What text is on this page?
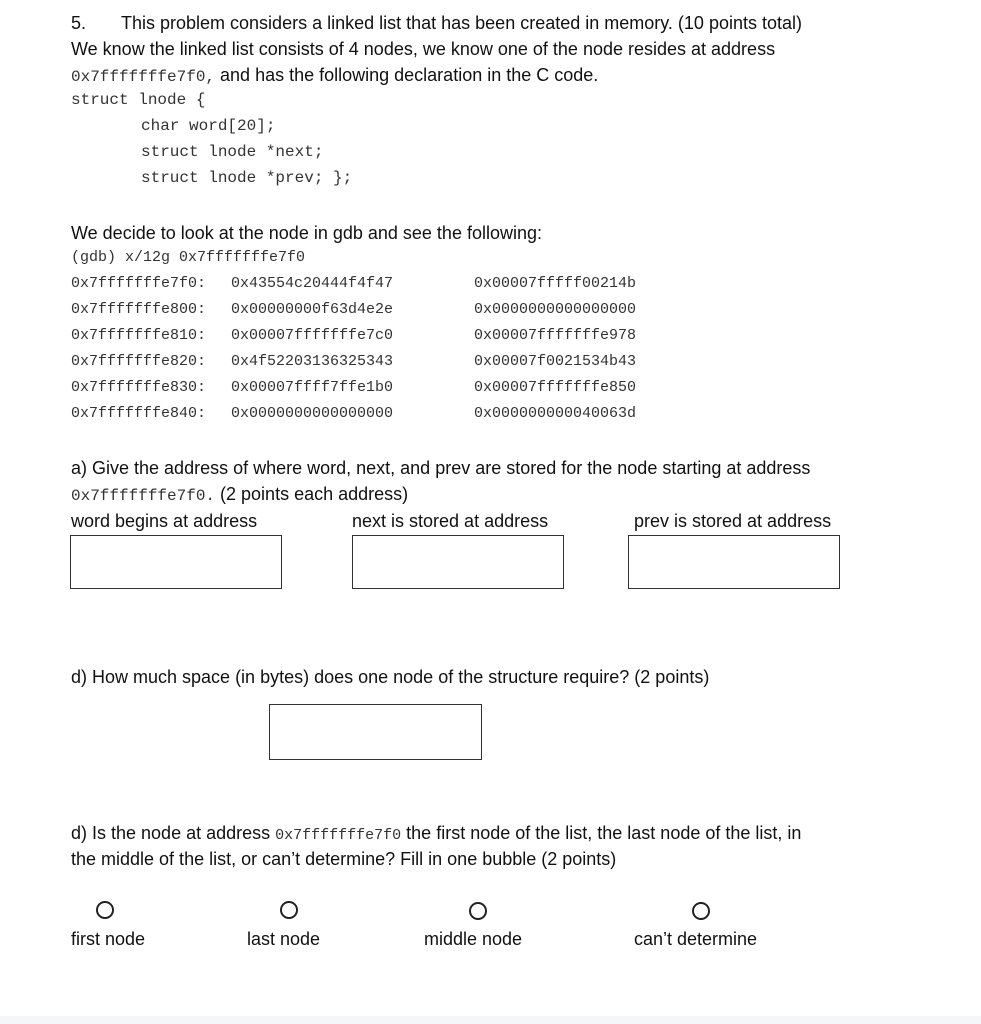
5. This problem considers a linked list that has been created in memory. (10 points total)
We know the linked list consists of 4 nodes, we know one of the node resides at address
0x7fffffffe7f0, and has the following declaration in the C code.
struct lnode {
char word[20];
struct lnode *next;
struct lnode *prev; };
We decide to look at the node in gdb and see the following:
(gdb) x/12g 0x7fffffffe7f0
0x7fffffffe7f0: 0x43554c20444f4f47	0x00007fffff00214b
0x7fffffffe800: 0x00000000f63d4e2e	0x0000000000000000
0x7fffffffe810: 0x00007fffffffe7c0	0x00007fffffffe978
0x7fffffffe820: 0x4f52203136325343	0x00007f0021534b43
0x7fffffffe830: 0x00007ffff7ffe1b0	0x00007fffffffe850
0x7fffffffe840: 0x0000000000000000	0x000000000040063d
a) Give the address of where word, next, and prev are stored for the node starting at address
0x7fffffffe7f0. (2 points each address)
word begins at address	next is stored at address	prev is stored at address
d) How much space (in bytes) does one node of the structure require? (2 points)
d) Is the node at address 0x7fffffffe7f0 the first node of the list, the last node of the list, in
the middle of the list, or can’t determine? Fill in one bubble (2 points)
first node	last node	middle node	can’t determine
